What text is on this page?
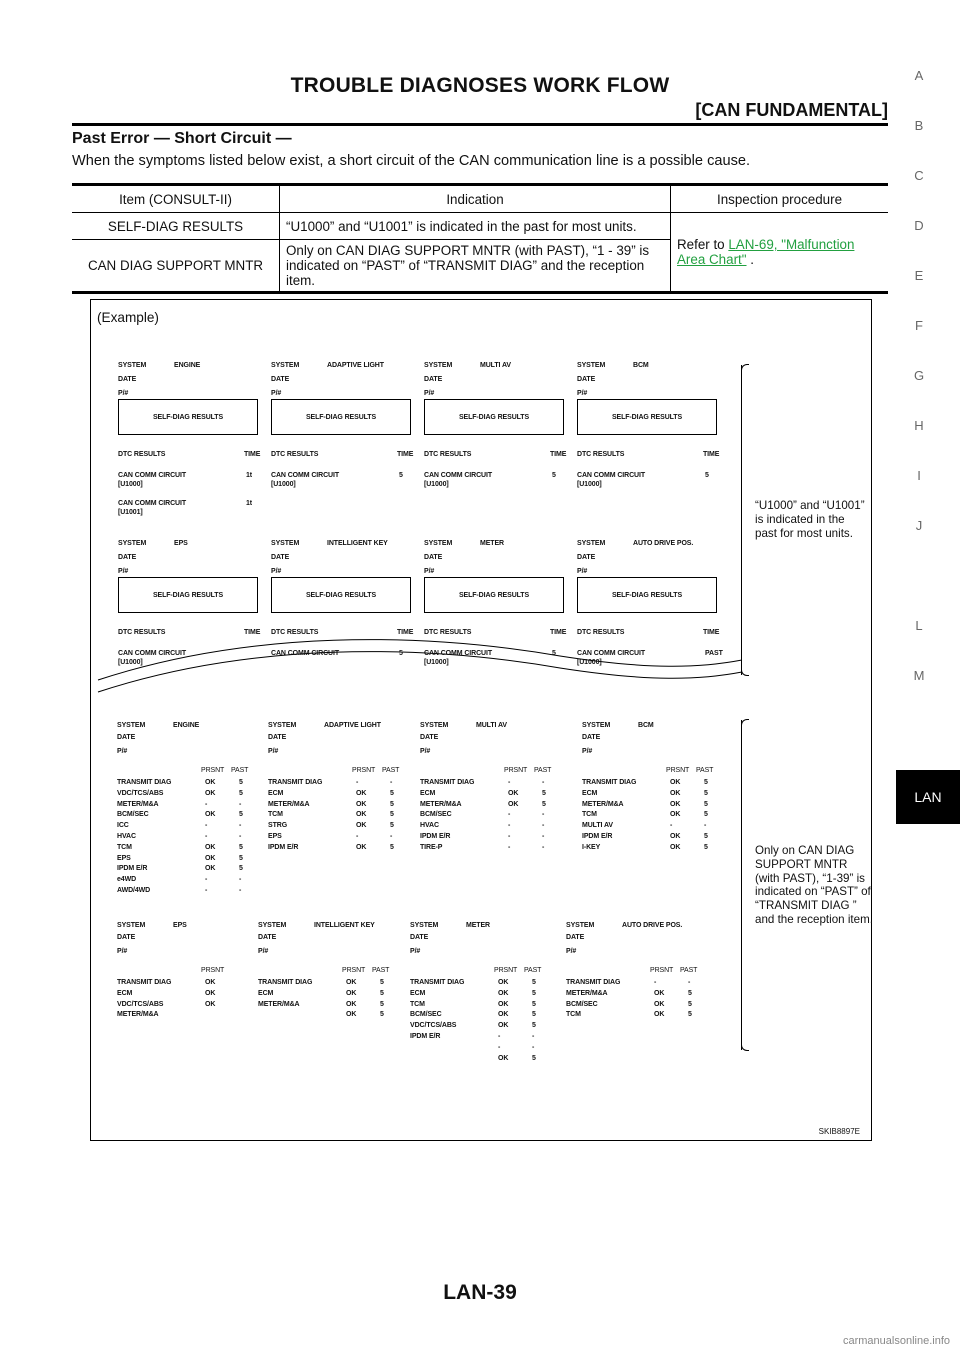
TROUBLE DIAGNOSES WORK FLOW
[CAN FUNDAMENTAL]
Past Error — Short Circuit —
When the symptoms listed below exist, a short circuit of the CAN communication line is a possible cause.
Item (CONSULT-II)	Indication	Inspection procedure
SELF-DIAG RESULTS	“U1000” and “U1001” is indicated in the past for most units.	Refer to LAN-69, "Malfunction Area Chart" .
CAN DIAG SUPPORT MNTR	Only on CAN DIAG SUPPORT MNTR (with PAST), “1 - 39” is indicated on “PAST” of “TRANSMIT DIAG” and the reception item.	
(Example)
“U1000” and “U1001” is indicated in the past for most units.
Only on CAN DIAG SUPPORT MNTR (with PAST), “1-39” is indicated on “PAST” of “TRANSMIT DIAG ” and the reception item.
SYSTEM	ENGINE
DATE
P/#
SELF-DIAG RESULTS
DTC RESULTS	TIME
CAN COMM CIRCUIT	1t
[U1000]
CAN COMM CIRCUIT	1t
[U1001]
SYSTEM	ADAPTIVE LIGHT
DATE
P/#
SELF-DIAG RESULTS
DTC RESULTS	TIME
CAN COMM CIRCUIT	5
[U1000]
SYSTEM	MULTI AV
DATE
P/#
SELF-DIAG RESULTS
DTC RESULTS	TIME
CAN COMM CIRCUIT	5
[U1000]
SYSTEM	BCM
DATE
P/#
SELF-DIAG RESULTS
DTC RESULTS	TIME
CAN COMM CIRCUIT	5
[U1000]
SYSTEM	EPS
DATE
P/#
SELF-DIAG RESULTS
DTC RESULTS	TIME
CAN COMM CIRCUIT
[U1000]
SYSTEM	INTELLIGENT KEY
DATE
P/#
SELF-DIAG RESULTS
DTC RESULTS	TIME
CAN COMM CIRCUIT	5
SYSTEM	METER
DATE
P/#
SELF-DIAG RESULTS
DTC RESULTS	TIME
CAN COMM CIRCUIT	5
[U1000]
SYSTEM	AUTO DRIVE POS.
DATE
P/#
SELF-DIAG RESULTS
DTC RESULTS	TIME
CAN COMM CIRCUIT	PAST
[U1000]
SYSTEM	ENGINE
DATE
P/#
PRSNT PAST
TRANSMIT DIAG	OK	5
VDC/TCS/ABS	OK	5
METER/M&A	-	-
BCM/SEC	OK	5
ICC	-	-
HVAC	-	-
TCM	OK	5
EPS	OK	5
IPDM E/R	OK	5
e4WD	-	-
AWD/4WD	-	-
SYSTEM	ADAPTIVE LIGHT
DATE
P/#
PRSNT PAST
TRANSMIT DIAG	-	-
ECM	OK	5
METER/M&A	OK	5
TCM	OK	5
STRG	OK	5
EPS	-	-
IPDM E/R	OK	5
SYSTEM	MULTI AV
DATE
P/#
PRSNT PAST
TRANSMIT DIAG	-	-
ECM	OK	5
METER/M&A	OK	5
BCM/SEC	-	-
HVAC	-	-
IPDM E/R	-	-
TIRE-P	-	-
SYSTEM	BCM
DATE
P/#
PRSNT PAST
TRANSMIT DIAG	OK	5
ECM	OK	5
METER/M&A	OK	5
TCM	OK	5
MULTI AV	-	-
IPDM E/R	OK	5
I-KEY	OK	5
SYSTEM	EPS
DATE
P/#
PRSNT
TRANSMIT DIAG	OK
ECM	OK
VDC/TCS/ABS	OK
METER/M&A
SYSTEM	INTELLIGENT KEY
DATE
P/#
PRSNT PAST
TRANSMIT DIAG	OK	5
ECM	OK	5
METER/M&A	OK	5
OK	5
SYSTEM	METER
DATE
P/#
PRSNT PAST
TRANSMIT DIAG	OK	5
ECM	OK	5
TCM	OK	5
BCM/SEC	OK	5
VDC/TCS/ABS	OK	5
IPDM E/R	-	-
-	-
OK	5
SYSTEM	AUTO DRIVE POS.
DATE
P/#
PRSNT PAST
TRANSMIT DIAG	-	-
METER/M&A	OK	5
BCM/SEC	OK	5
TCM	OK	5
SKIB8897E
LAN
A
B
C
D
E
F
G
H
I
J
L
M
LAN-39
carmanualsonline.info
